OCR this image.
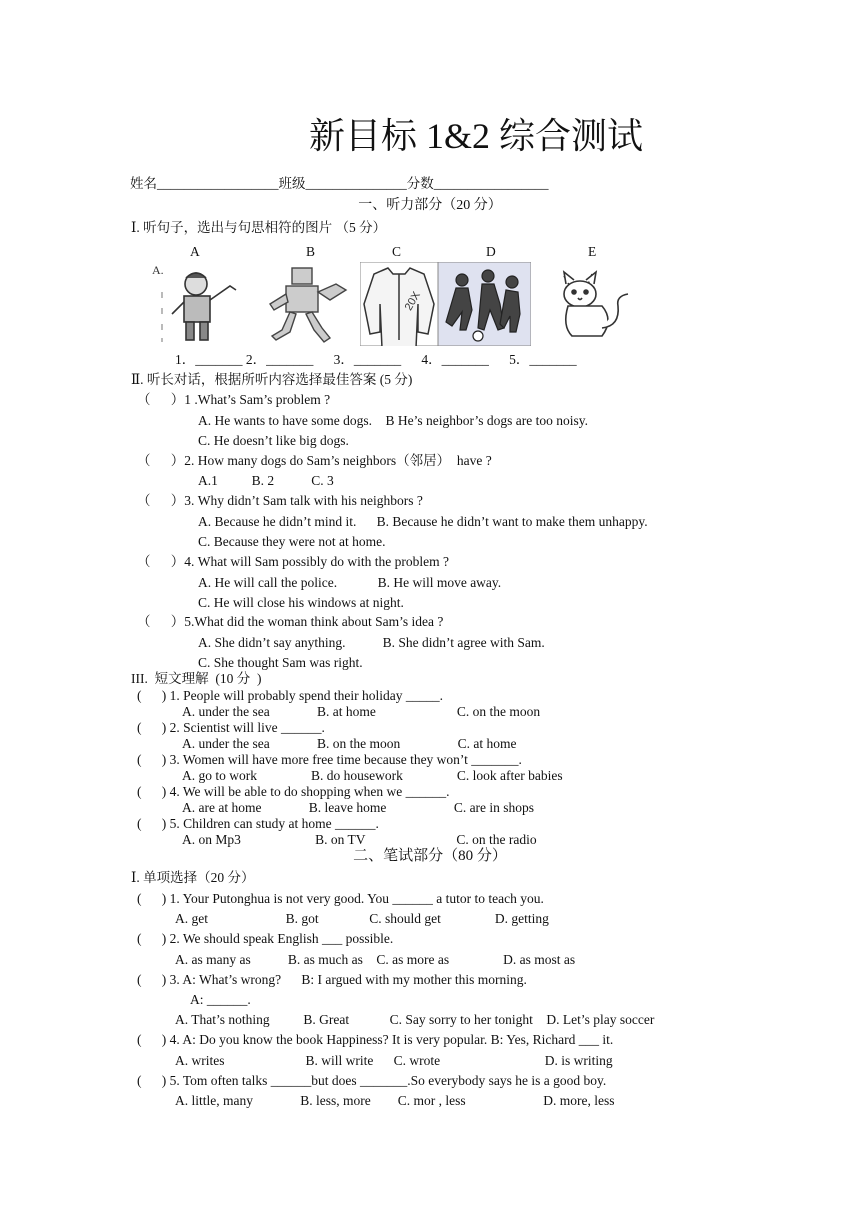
新目标 1&2 综合测试
姓名__________________班级_______________分数_________________
一、听力部分（20 分）
Ⅰ. 听句子，选出与句思相符的图片 （5 分）
A	B	C	D	E
A.
20X
1．_______ 2．_______      3．_______      4．_______      5．_______
Ⅱ. 听长对话，根据所听内容选择最佳答案 (5 分)
（      ）1 .What’s Sam’s problem ?
A. He wants to have some dogs.    B He’s neighbor’s dogs are too noisy.
C. He doesn’t like big dogs.
（      ）2. How many dogs do Sam’s neighbors（邻居）  have ?
A.1          B. 2           C. 3
（      ）3. Why didn’t Sam talk with his neighbors ?
A. Because he didn’t mind it.      B. Because he didn’t want to make them unhappy.
C. Because they were not at home.
（      ）4. What will Sam possibly do with the problem ?
A. He will call the police.            B. He will move away.
C. He will close his windows at night.
（      ）5.What did the woman think about Sam’s idea ?
A. She didn’t say anything.           B. She didn’t agree with Sam.
C. She thought Sam was right.
III.  短文理解  (10 分  )
(      ) 1. People will probably spend their holiday _____.
A. under the sea              B. at home                        C. on the moon
(      ) 2. Scientist will live ______.
A. under the sea              B. on the moon                 C. at home
(      ) 3. Women will have more free time because they won’t _______.
A. go to work                B. do housework                C. look after babies
(      ) 4. We will be able to do shopping when we ______.
A. are at home              B. leave home                    C. are in shops
(      ) 5. Children can study at home ______.
A. on Mp3                      B. on TV                           C. on the radio
二、笔试部分（80 分）
Ⅰ. 单项选择（20 分）
(      ) 1. Your Putonghua is not very good. You ______ a tutor to teach you.
A. get                       B. got               C. should get                D. getting
(      ) 2. We should speak English ___ possible.
A. as many as           B. as much as    C. as more as                D. as most as
(      ) 3. A: What’s wrong?      B: I argued with my mother this morning.
A: ______.
A. That’s nothing          B. Great            C. Say sorry to her tonight    D. Let’s play soccer
(      ) 4. A: Do you know the book Happiness? It is very popular. B: Yes, Richard ___ it.
A. writes                        B. will write      C. wrote                               D. is writing
(      ) 5. Tom often talks ______but does _______.So everybody says he is a good boy.
A. little, many              B. less, more        C. mor , less                       D. more, less
